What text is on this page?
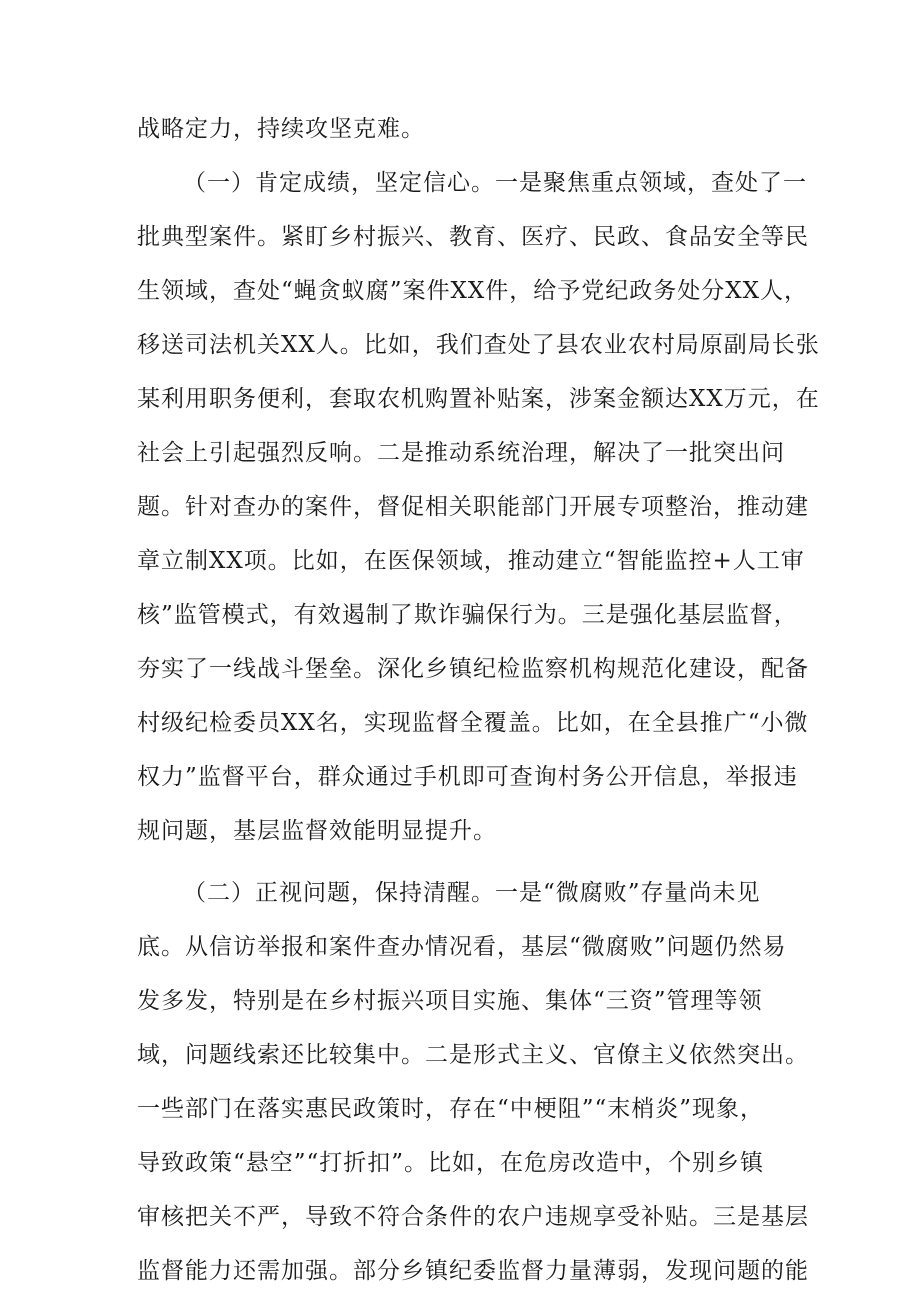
战略定力，持续攻坚克难。
（一）肯定成绩，坚定信心。一是聚焦重点领域，查处了一
批典型案件。紧盯乡村振兴、教育、医疗、民政、食品安全等民
生领域，查处“蝇贪蚁腐”案件XX件，给予党纪政务处分XX人，
移送司法机关XX人。比如，我们查处了县农业农村局原副局长张
某利用职务便利，套取农机购置补贴案，涉案金额达XX万元，在
社会上引起强烈反响。二是推动系统治理，解决了一批突出问
题。针对查办的案件，督促相关职能部门开展专项整治，推动建
章立制XX项。比如，在医保领域，推动建立“智能监控+人工审
核”监管模式，有效遏制了欺诈骗保行为。三是强化基层监督，
夯实了一线战斗堡垒。深化乡镇纪检监察机构规范化建设，配备
村级纪检委员XX名，实现监督全覆盖。比如，在全县推广“小微
权力”监督平台，群众通过手机即可查询村务公开信息，举报违
规问题，基层监督效能明显提升。
（二）正视问题，保持清醒。一是“微腐败”存量尚未见
底。从信访举报和案件查办情况看，基层“微腐败”问题仍然易
发多发，特别是在乡村振兴项目实施、集体“三资”管理等领
域，问题线索还比较集中。二是形式主义、官僚主义依然突出。
一些部门在落实惠民政策时，存在“中梗阻”“末梢炎”现象，
导致政策“悬空”“打折扣”。比如，在危房改造中，个别乡镇
审核把关不严，导致不符合条件的农户违规享受补贴。三是基层
监督能力还需加强。部分乡镇纪委监督力量薄弱，发现问题的能
